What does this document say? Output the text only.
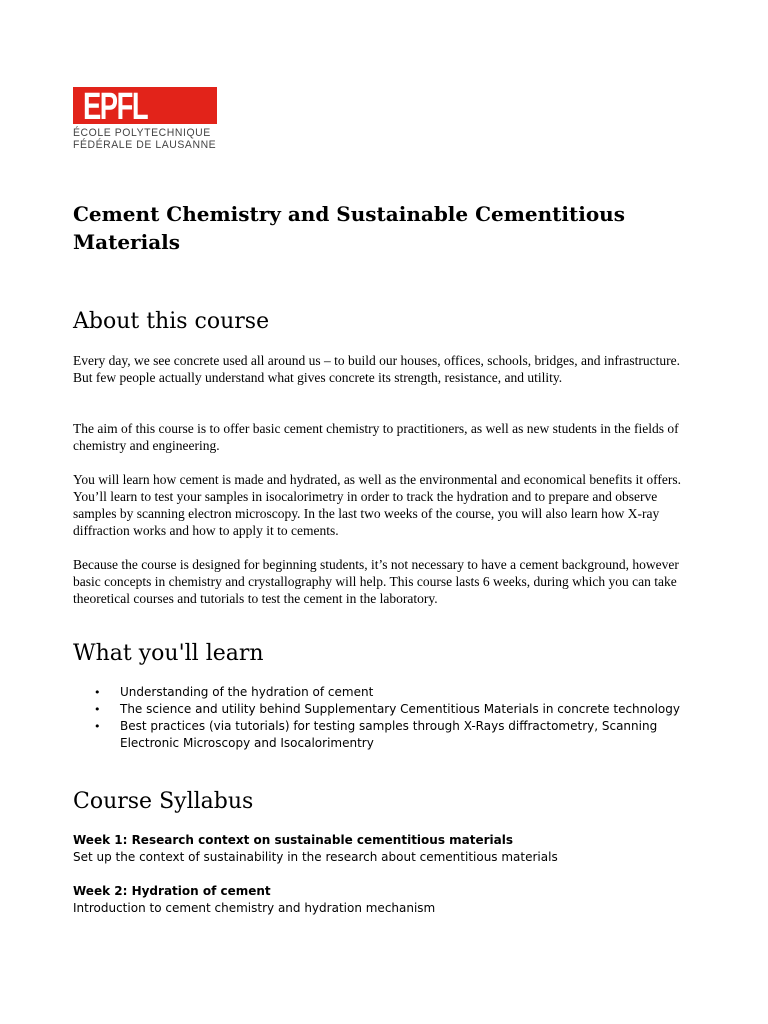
EPFL
ÉCOLE POLYTECHNIQUE
FÉDÉRALE DE LAUSANNE
Cement Chemistry and Sustainable Cementitious Materials
About this course

Every day, we see concrete used all around us – to build our houses, offices, schools, bridges, and infrastructure. But few people actually understand what gives concrete its strength, resistance, and utility.

The aim of this course is to offer basic cement chemistry to practitioners, as well as new students in the fields of chemistry and engineering.

You will learn how cement is made and hydrated, as well as the environmental and economical benefits it offers. You’ll learn to test your samples in isocalorimetry in order to track the hydration and to prepare and observe samples by scanning electron microscopy. In the last two weeks of the course, you will also learn how X-ray diffraction works and how to apply it to cements.

Because the course is designed for beginning students, it’s not necessary to have a cement background, however basic concepts in chemistry and crystallography will help. This course lasts 6 weeks, during which you can take theoretical courses and tutorials to test the cement in the laboratory.

What you'll learn
• Understanding of the hydration of cement
• The science and utility behind Supplementary Cementitious Materials in concrete technology
• Best practices (via tutorials) for testing samples through X-Rays diffractometry, Scanning Electronic Microscopy and Isocalorimentry
Course Syllabus
Week 1: Research context on sustainable cementitious materials
Set up the context of sustainability in the research about cementitious materials
Week 2: Hydration of cement
Introduction to cement chemistry and hydration mechanism
